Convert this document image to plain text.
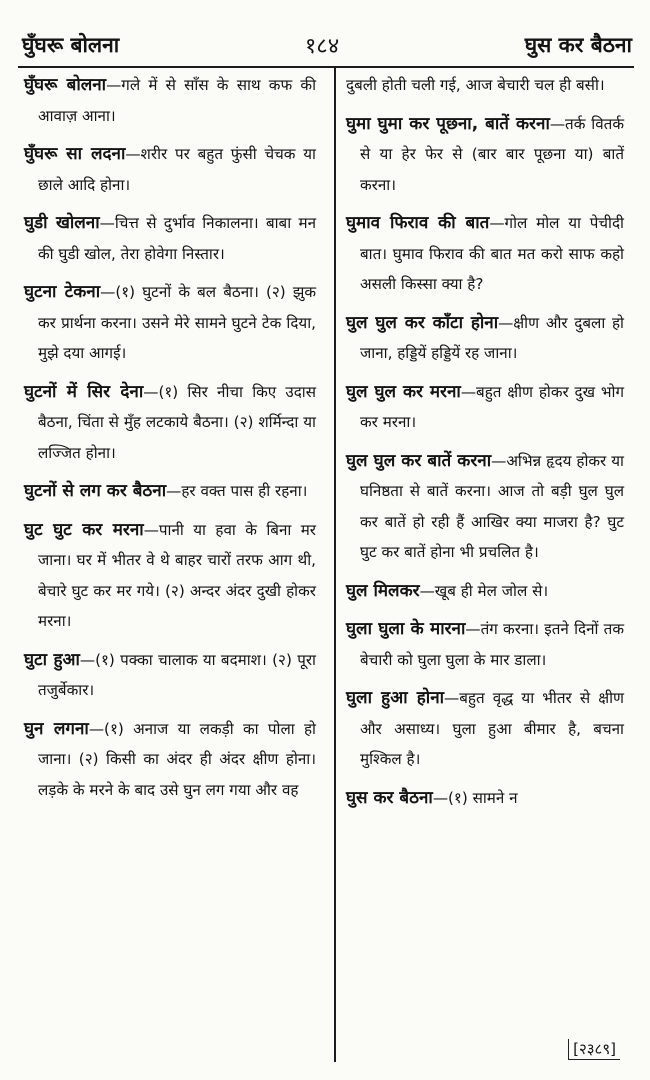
घुँघरू बोलना	१८४	घुस कर बैठना

घुँघरू बोलना—गले में से साँस के साथ कफ की आवाज़ आना।

घुँघरू सा लदना—शरीर पर बहुत फुंसी चेचक या छाले आदि होना।

घुडी खोलना—चित्त से दुर्भाव निकालना। बाबा मन की घुडी खोल, तेरा होवेगा निस्तार।

घुटना टेकना—(१) घुटनों के बल बैठना। (२) झुक कर प्रार्थना करना। उसने मेरे सामने घुटने टेक दिया, मुझे दया आगई।

घुटनों में सिर देना—(१) सिर नीचा किए उदास बैठना, चिंता से मुँह लटकाये बैठना। (२) शर्मिन्दा या लज्जित होना।

घुटनों से लग कर बैठना—हर वक्त पास ही रहना।

घुट घुट कर मरना—पानी या हवा के बिना मर जाना। घर में भीतर वे थे बाहर चारों तरफ आग थी, बेचारे घुट कर मर गये। (२) अन्दर अंदर दुखी होकर मरना।

घुटा हुआ—(१) पक्का चालाक या बदमाश। (२) पूरा तजुर्बेकार।

घुन लगना—(१) अनाज या लकड़ी का पोला हो जाना। (२) किसी का अंदर ही अंदर क्षीण होना। लड़के के मरने के बाद उसे घुन लग गया और वह

दुबली होती चली गई, आज बेचारी चल ही बसी।

घुमा घुमा कर पूछना, बातें करना—तर्क वितर्क से या हेर फेर से (बार बार पूछना या) बातें करना।

घुमाव फिराव की बात—गोल मोल या पेचीदी बात। घुमाव फिराव की बात मत करो साफ कहो असली किस्सा क्या है?

घुल घुल कर काँटा होना—क्षीण और दुबला हो जाना, हड्डियें हड्डियें रह जाना।

घुल घुल कर मरना—बहुत क्षीण होकर दुख भोग कर मरना।

घुल घुल कर बातें करना—अभिन्न हृदय होकर या घनिष्ठता से बातें करना। आज तो बड़ी घुल घुल कर बातें हो रही हैं आखिर क्या माजरा है? घुट घुट कर बातें होना भी प्रचलित है।

घुल मिलकर—खूब ही मेल जोल से।

घुला घुला के मारना—तंग करना। इतने दिनों तक बेचारी को घुला घुला के मार डाला।

घुला हुआ होना—बहुत वृद्ध या भीतर से क्षीण और असाध्य। घुला हुआ बीमार है, बचना मुश्किल है।

घुस कर बैठना—(१) सामने न

[२३८९]
